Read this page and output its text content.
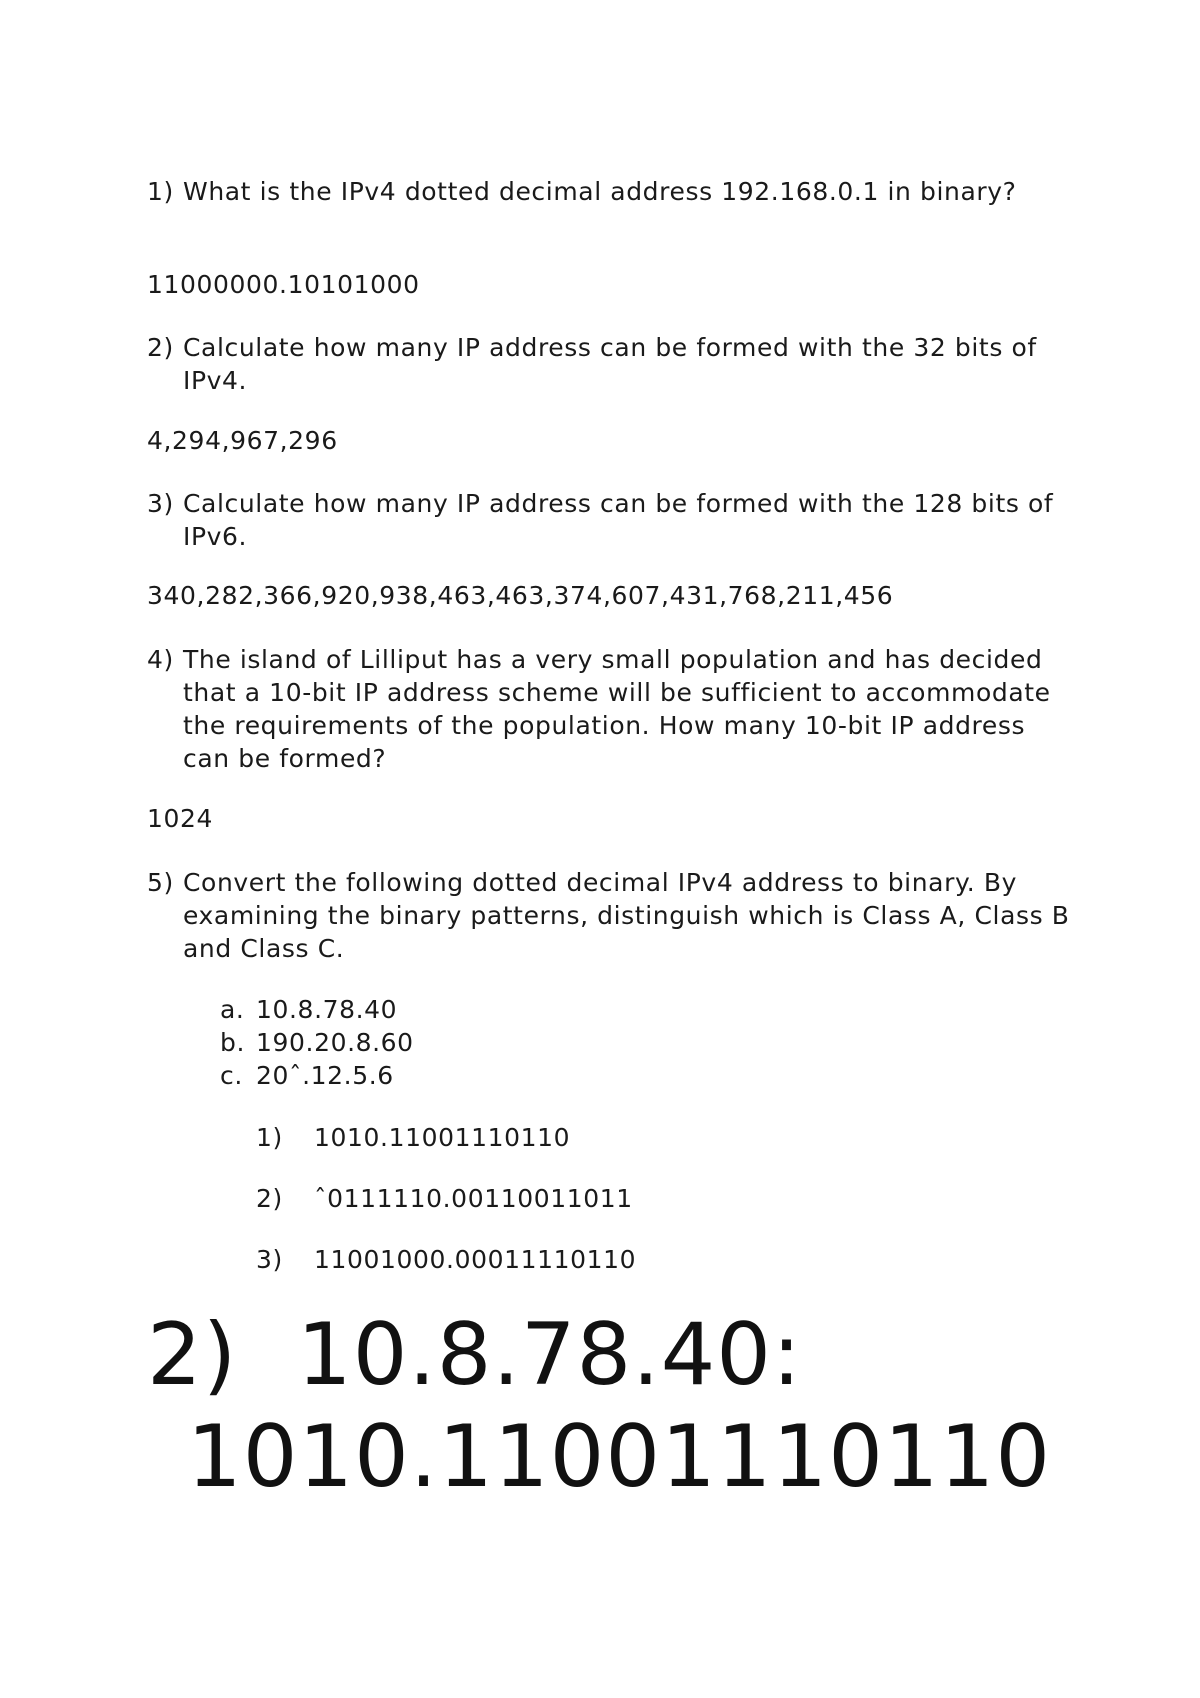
1) What is the IPv4 dotted decimal address 192.168.0.1 in binary?
11000000.10101000
2) Calculate how many IP address can be formed with the 32 bits of IPv4.
4,294,967,296
3) Calculate how many IP address can be formed with the 128 bits of IPv6.
340,282,366,920,938,463,463,374,607,431,768,211,456
4) The island of Lilliput has a very small population and has decided that a 10-bit IP address scheme will be sufficient to accommodate the requirements of the population. How many 10-bit IP address can be formed?
1024
5) Convert the following dotted decimal IPv4 address to binary. By examining the binary patterns, distinguish which is Class A, Class B and Class C.
a. 10.8.78.40
b. 190.20.8.60
c. 20ˆ.12.5.6
1) 1010.11001110110
2) ˆ0111110.00110011011
3) 11001000.00011110110
2) 10.8.78.40:
1010.11001110110
